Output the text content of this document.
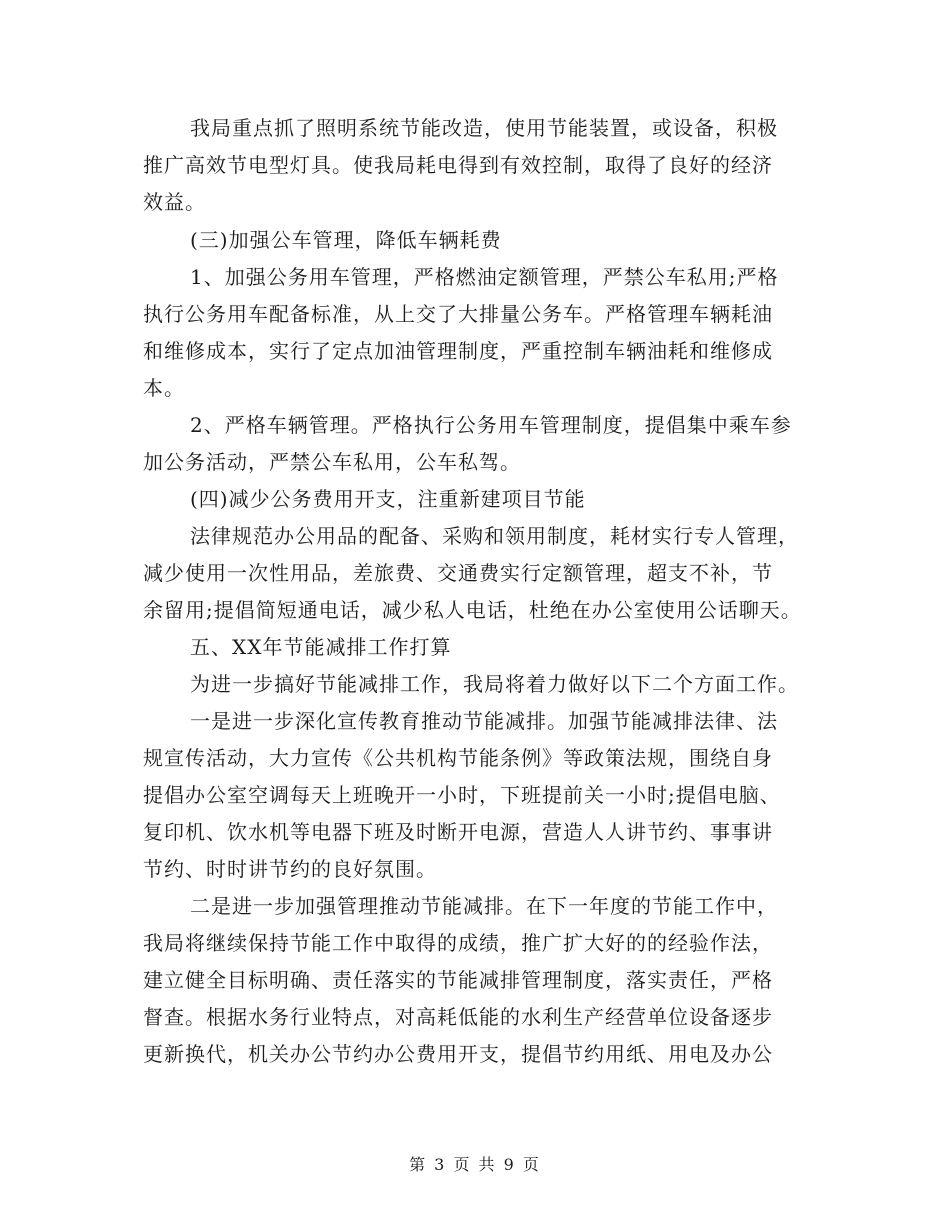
我局重点抓了照明系统节能改造，使用节能装置，或设备，积极
推广高效节电型灯具。使我局耗电得到有效控制，取得了良好的经济
效益。
(三)加强公车管理，降低车辆耗费
1、加强公务用车管理，严格燃油定额管理，严禁公车私用;严格
执行公务用车配备标准，从上交了大排量公务车。严格管理车辆耗油
和维修成本，实行了定点加油管理制度，严重控制车辆油耗和维修成
本。
2、严格车辆管理。严格执行公务用车管理制度，提倡集中乘车参
加公务活动，严禁公车私用，公车私驾。
(四)减少公务费用开支，注重新建项目节能
法律规范办公用品的配备、采购和领用制度，耗材实行专人管理，
减少使用一次性用品，差旅费、交通费实行定额管理，超支不补，节
余留用;提倡简短通电话，减少私人电话，杜绝在办公室使用公话聊天。
五、XX年节能减排工作打算
为进一步搞好节能减排工作，我局将着力做好以下二个方面工作。
一是进一步深化宣传教育推动节能减排。加强节能减排法律、法
规宣传活动，大力宣传《公共机构节能条例》等政策法规，围绕自身
提倡办公室空调每天上班晚开一小时，下班提前关一小时;提倡电脑、
复印机、饮水机等电器下班及时断开电源，营造人人讲节约、事事讲
节约、时时讲节约的良好氛围。
二是进一步加强管理推动节能减排。在下一年度的节能工作中，
我局将继续保持节能工作中取得的成绩，推广扩大好的的经验作法，
建立健全目标明确、责任落实的节能减排管理制度，落实责任，严格
督查。根据水务行业特点，对高耗低能的水利生产经营单位设备逐步
更新换代，机关办公节约办公费用开支，提倡节约用纸、用电及办公
第 3 页 共 9 页
